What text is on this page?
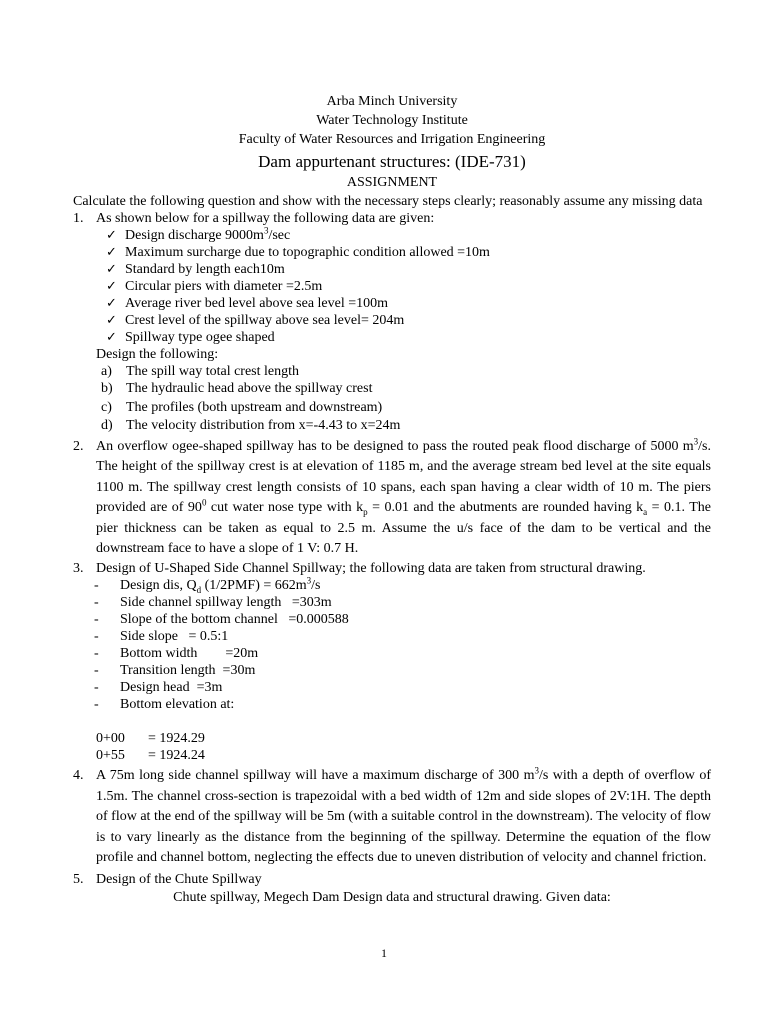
Arba Minch University
Water Technology Institute
Faculty of Water Resources and Irrigation Engineering
Dam appurtenant structures: (IDE-731)
ASSIGNMENT
Calculate the following question and show with the necessary steps clearly; reasonably assume any missing data
1. As shown below for a spillway the following data are given:
✓ Design discharge $9000m^3/\sec$
✓ Maximum surcharge due to topographic condition allowed =10m
✓ Standard by length each10m
✓ Circular piers with diameter =2.5m
✓ Average river bed level above sea level =100m
✓ Crest level of the spillway above sea level= 204m
✓ Spillway type ogee shaped
Design the following:
a) The spill way total crest length
b) The hydraulic head above the spillway crest
c) The profiles (both upstream and downstream)
d) The velocity distribution from x=-4.43 to x=24m
2. An overflow ogee-shaped spillway has to be designed to pass the routed peak flood discharge of 5000 $m^3/s$. The height of the spillway crest is at elevation of 1185 m, and the average stream bed level at the site equals 1100 m. The spillway crest length consists of 10 spans, each span having a clear width of 10 m. The piers provided are of $90^0$ cut water nose type with $k_p = 0.01$ and the abutments are rounded having $k_a = 0.1$. The pier thickness can be taken as equal to 2.5 m. Assume the u/s face of the dam to be vertical and the downstream face to have a slope of 1 V: 0.7 H.
3. Design of U-Shaped Side Channel Spillway; the following data are taken from structural drawing.
- Design dis, $Q_d$ $(1/2PMF) = 662m^3/s$
- Side channel spillway length   =303m
- Slope of the bottom channel   =0.000588
- Side slope   = 0.5:1
- Bottom width        =20m
- Transition length  =30m
- Design head  =3m
- Bottom elevation at:
0+00 = 1924.29
0+55 = 1924.24
4. A 75m long side channel spillway will have a maximum discharge of 300 $m^3/s$ with a depth of overflow of 1.5m. The channel cross-section is trapezoidal with a bed width of 12m and side slopes of 2V:1H. The depth of flow at the end of the spillway will be 5m (with a suitable control in the downstream). The velocity of flow is to vary linearly as the distance from the beginning of the spillway. Determine the equation of the flow profile and channel bottom, neglecting the effects due to uneven distribution of velocity and channel friction.
5. Design of the Chute Spillway
Chute spillway, Megech Dam Design data and structural drawing. Given data:
1
